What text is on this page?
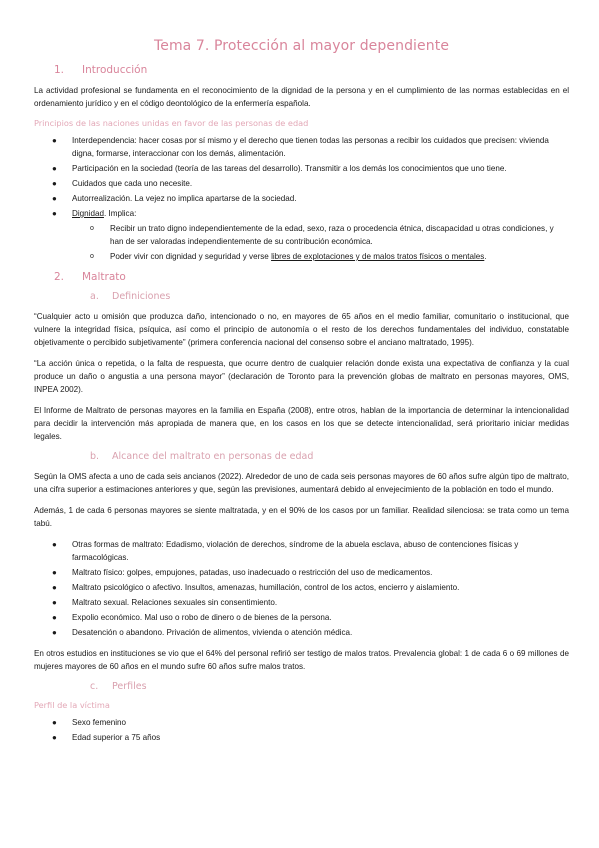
Tema 7. Protección al mayor dependiente
1. Introducción

La actividad profesional se fundamenta en el reconocimiento de la dignidad de la persona y en el cumplimiento de las normas establecidas en el ordenamiento jurídico y en el código deontológico de la enfermería española.

Principios de las naciones unidas en favor de las personas de edad
● Interdependencia: hacer cosas por sí mismo y el derecho que tienen todas las personas a recibir los cuidados que precisen: vivienda digna, formarse, interaccionar con los demás, alimentación.
● Participación en la sociedad (teoría de las tareas del desarrollo). Transmitir a los demás los conocimientos que uno tiene.
● Cuidados que cada uno necesite.
● Autorrealización. La vejez no implica apartarse de la sociedad.
● Dignidad. Implica:
o Recibir un trato digno independientemente de la edad, sexo, raza o procedencia étnica, discapacidad u otras condiciones, y han de ser valoradas independientemente de su contribución económica.
o Poder vivir con dignidad y seguridad y verse libres de explotaciones y de malos tratos físicos o mentales.
2. Maltrato
a. Definiciones

“Cualquier acto u omisión que produzca daño, intencionado o no, en mayores de 65 años en el medio familiar, comunitario o institucional, que vulnere la integridad física, psíquica, así como el principio de autonomía o el resto de los derechos fundamentales del individuo, constatable objetivamente o percibido subjetivamente” (primera conferencia nacional del consenso sobre el anciano maltratado, 1995).

“La acción única o repetida, o la falta de respuesta, que ocurre dentro de cualquier relación donde exista una expectativa de confianza y la cual produce un daño o angustia a una persona mayor” (declaración de Toronto para la prevención globas de maltrato en personas mayores, OMS, INPEA 2002).

El Informe de Maltrato de personas mayores en la familia en España (2008), entre otros, hablan de la importancia de determinar la intencionalidad para decidir la intervención más apropiada de manera que, en los casos en los que se detecte intencionalidad, será prioritario iniciar medidas legales.

b. Alcance del maltrato en personas de edad

Según la OMS afecta a uno de cada seis ancianos (2022). Alrededor de uno de cada seis personas mayores de 60 años sufre algún tipo de maltrato, una cifra superior a estimaciones anteriores y que, según las previsiones, aumentará debido al envejecimiento de la población en todo el mundo.

Además, 1 de cada 6 personas mayores se siente maltratada, y en el 90% de los casos por un familiar. Realidad silenciosa: se trata como un tema tabú.

● Otras formas de maltrato: Edadismo, violación de derechos, síndrome de la abuela esclava, abuso de contenciones físicas y farmacológicas.
● Maltrato físico: golpes, empujones, patadas, uso inadecuado o restricción del uso de medicamentos.
● Maltrato psicológico o afectivo. Insultos, amenazas, humillación, control de los actos, encierro y aislamiento.
● Maltrato sexual. Relaciones sexuales sin consentimiento.
● Expolio económico. Mal uso o robo de dinero o de bienes de la persona.
● Desatención o abandono. Privación de alimentos, vivienda o atención médica.

En otros estudios en instituciones se vio que el 64% del personal refirió ser testigo de malos tratos. Prevalencia global: 1 de cada 6 o 69 millones de mujeres mayores de 60 años en el mundo sufre 60 años sufre malos tratos.

c. Perfiles
Perfil de la víctima
● Sexo femenino
● Edad superior a 75 años
